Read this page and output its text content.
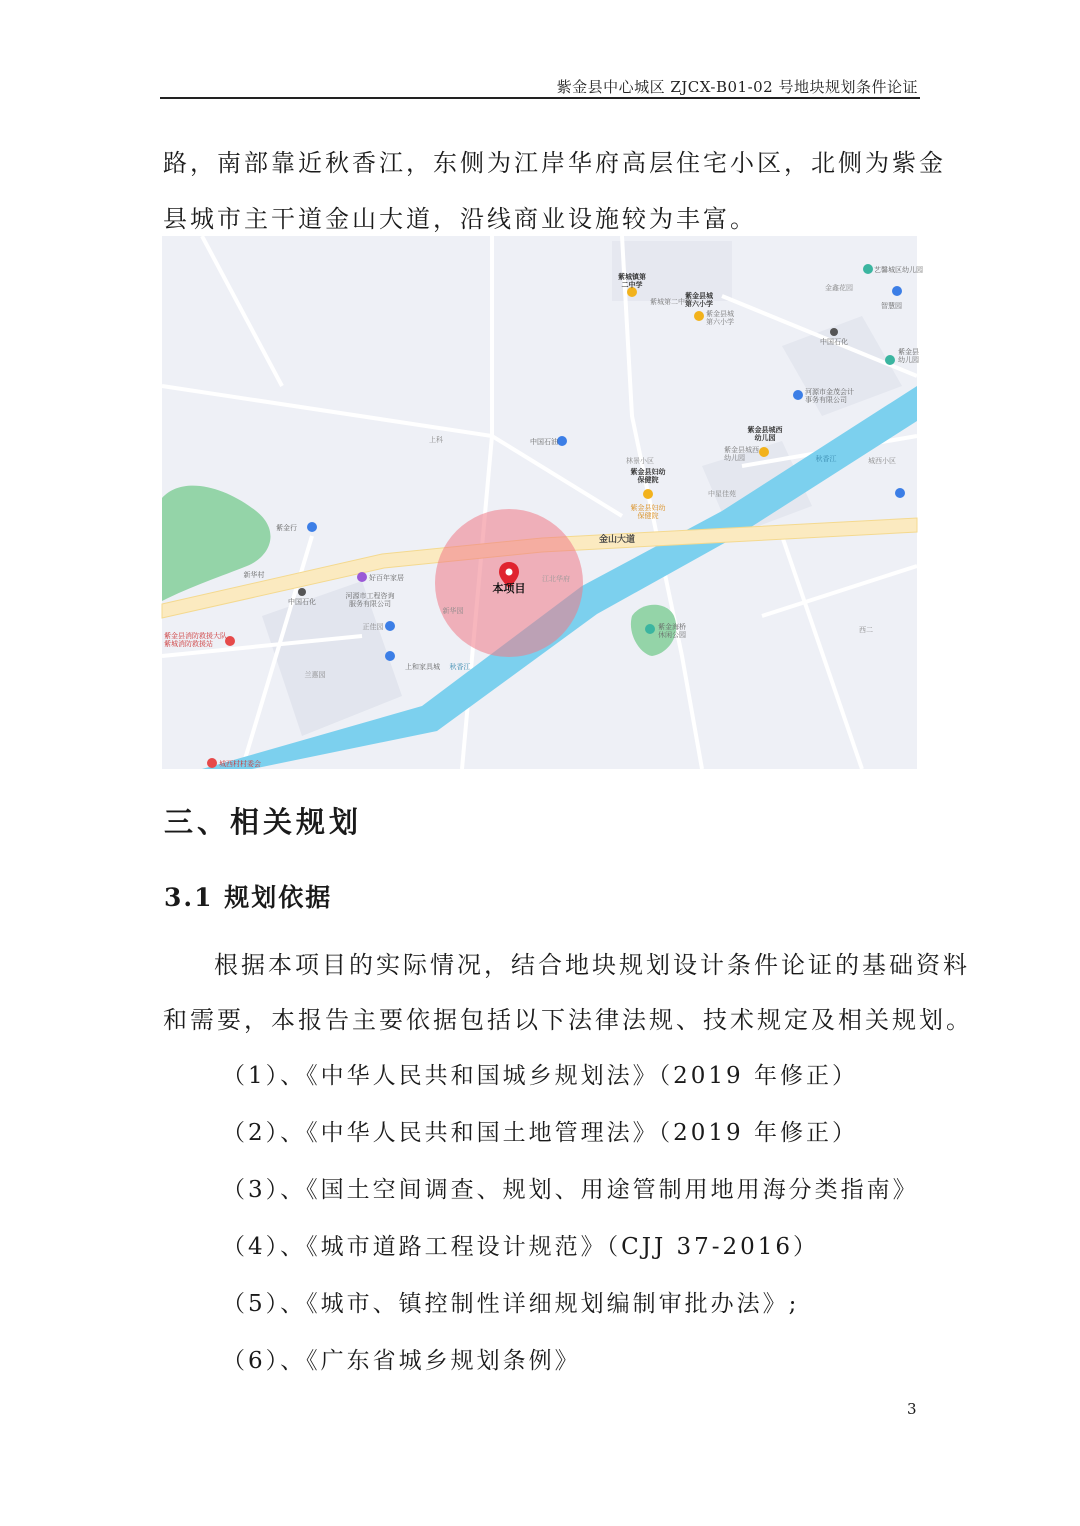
紫金县中心城区 ZJCX-B01-02 号地块规划条件论证
路，南部靠近秋香江，东侧为江岸华府高层住宅小区，北侧为紫金
县城市主干道金山大道，沿线商业设施较为丰富。
本项目
金山大道
紫城镇第二中学
紫金县城第六小学
紫城第二中学
紫金县城第六小学
紫金县城西幼儿园
紫金县城西幼儿园
紫金县妇幼保健院
紫金县妇幼保健院
中国石化
中国石化
中国石油
上科
林景小区
中星佳苑
金鑫花园
智慧园
艺馨城区幼儿园
紫金县幼儿园
河源市金茂会计事务有限公司
新华村
紫金行
河源市工程咨询服务有限公司
好百年家居
紫金县消防救援大队紫城消防救援站
城西村村委会
江北华府
紫金海桥休闲公园
西二
新华园
正佳园
城西小区
秋香江
上和家具城
兰惠园
秋香江
三、相关规划
3.1 规划依据
根据本项目的实际情况，结合地块规划设计条件论证的基础资料
和需要，本报告主要依据包括以下法律法规、技术规定及相关规划。
（1）、《中华人民共和国城乡规划法》（2019 年修正）
（2）、《中华人民共和国土地管理法》（2019 年修正）
（3）、《国土空间调查、规划、用途管制用地用海分类指南》
（4）、《城市道路工程设计规范》（CJJ 37-2016）
（5）、《城市、镇控制性详细规划编制审批办法》;
（6）、《广东省城乡规划条例》
3
